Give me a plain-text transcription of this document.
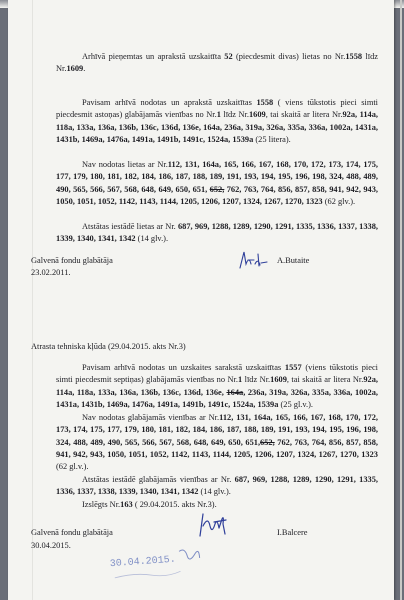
Arhīvā pieņemtas un aprakstā uzskaitīta 52 (piecdesmit divas) lietas no Nr.1558 līdz Nr.1609.

Pavisam arhīvā nodotas un aprakstā uzskaitītas 1558 ( viens tūkstotis pieci simti piecdesmit astoņas) glabājamās vienības no Nr.1 līdz Nr.1609, tai skaitā ar litera Nr.92a, 114a, 118a, 133a, 136a, 136b, 136c, 136d, 136e, 164a, 236a, 319a, 326a, 335a, 336a, 1002a, 1431a, 1431b, 1469a, 1476a, 1491a, 1491b, 1491c, 1524a, 1539a (25 litera).

Nav nodotas lietas ar Nr.112, 131, 164a, 165, 166, 167, 168, 170, 172, 173, 174, 175, 177, 179, 180, 181, 182, 184, 186, 187, 188, 189, 191, 193, 194, 195, 196, 198, 324, 488, 489, 490, 565, 566, 567, 568, 648, 649, 650, 651, 652, 762, 763, 764, 856, 857, 858, 941, 942, 943, 1050, 1051, 1052, 1142, 1143, 1144, 1205, 1206, 1207, 1324, 1267, 1270, 1323 (62 glv.).

Atstātas iestādē lietas ar Nr. 687, 969, 1288, 1289, 1290, 1291, 1335, 1336, 1337, 1338, 1339, 1340, 1341, 1342 (14 glv.).

Galvenā fondu glabātāja

23.02.2011.

A.Butaite

Atrasta tehniska kļūda (29.04.2015. akts Nr.3)

Pavisam arhīvā nodotas un uzskaites sarakstā uzskaitītas 1557 (viens tūkstotis pieci simti piecdesmit septiņas) glabājamās vienības no Nr.1 līdz Nr.1609, tai skaitā ar litera Nr.92a, 114a, 118a, 133a, 136a, 136b, 136c, 136d, 136e, 164a, 236a, 319a, 326a, 335a, 336a, 1002a, 1431a, 1431b, 1469a, 1476a, 1491a, 1491b, 1491c, 1524a, 1539a (25 gl.v.).

Nav nodotas glabājamās vienības ar Nr.112, 131, 164a, 165, 166, 167, 168, 170, 172, 173, 174, 175, 177, 179, 180, 181, 182, 184, 186, 187, 188, 189, 191, 193, 194, 195, 196, 198, 324, 488, 489, 490, 565, 566, 567, 568, 648, 649, 650, 651,652, 762, 763, 764, 856, 857, 858, 941, 942, 943, 1050, 1051, 1052, 1142, 1143, 1144, 1205, 1206, 1207, 1324, 1267, 1270, 1323 (62 gl.v.).

Atstātas iestādē glabājamās vienības ar Nr. 687, 969, 1288, 1289, 1290, 1291, 1335, 1336, 1337, 1338, 1339, 1340, 1341, 1342 (14 glv.).

Izslēgts Nr.163 ( 29.04.2015. akts Nr.3).

Galvenā fondu glabātāja

30.04.2015.

I.Balcere

30.04.2015.
